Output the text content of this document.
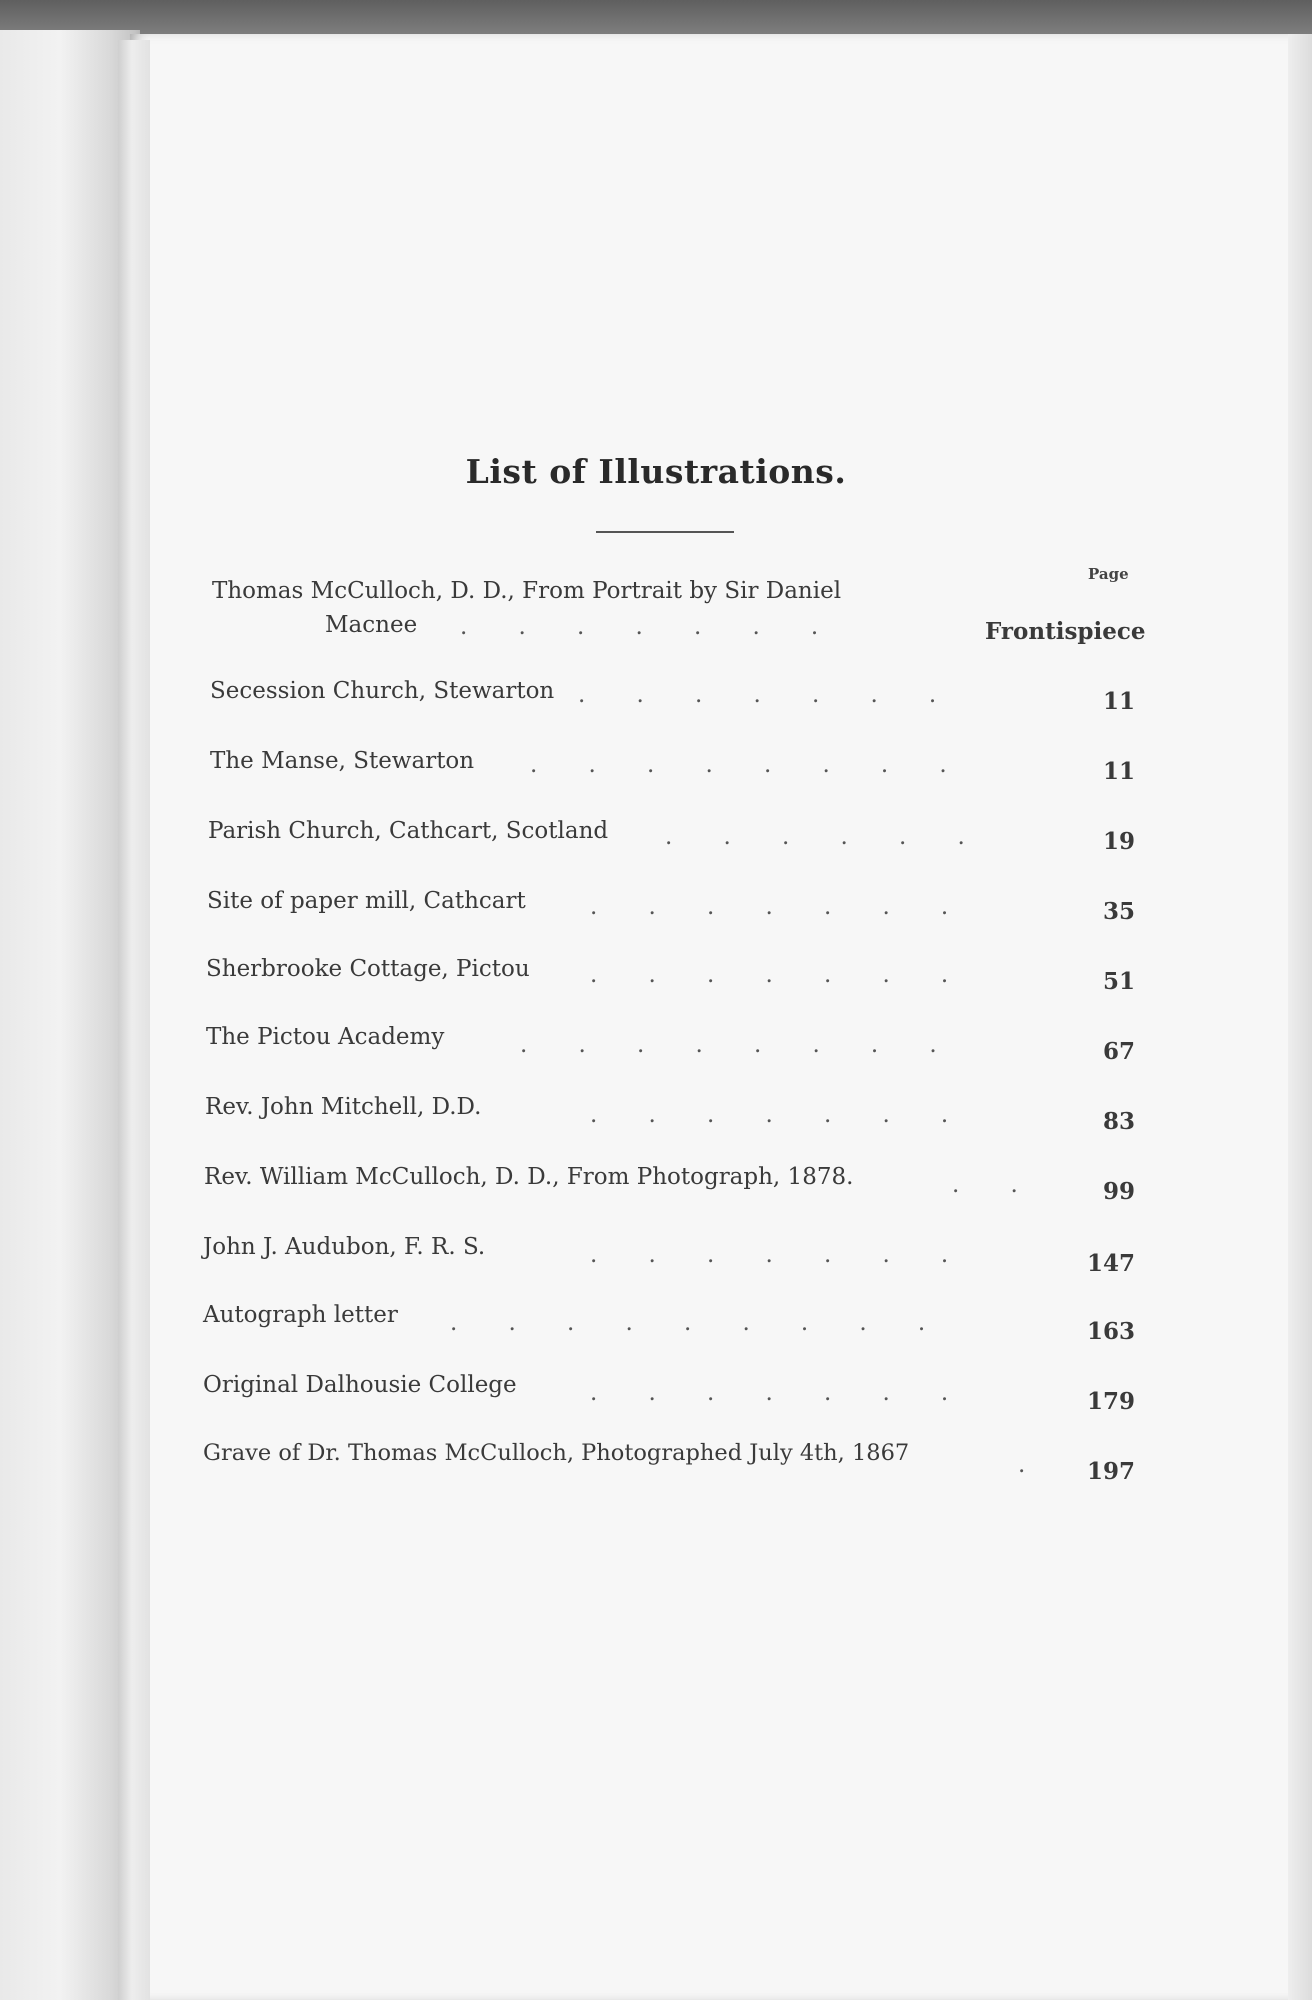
List of Illustrations.
Page
Thomas McCulloch, D. D., From Portrait by Sir Daniel
Macnee .       .       .       .       .       .       .	Frontispiece
Secession Church, Stewarton .       .       .       .       .       .       .	11
The Manse, Stewarton .       .       .       .       .       .       .       .	11
Parish Church, Cathcart, Scotland .       .       .       .       .       .	19
Site of paper mill, Cathcart	.       .       .       .       .       .       .	35
Sherbrooke Cottage, Pictou	.       .       .       .       .       .       .	51
The Pictou Academy	.       .       .       .       .       .       .       .	67
Rev. John Mitchell, D.D.	.       .       .       .       .       .       .	83
Rev. William McCulloch, D. D., From Photograph, 1878.	.       .	99
John J. Audubon, F. R. S.	.       .       .       .       .       .       .	147
Autograph letter .       .       .       .       .       .       .       .       .	163
Original Dalhousie College	.       .       .       .       .       .       .	179
Grave of Dr. Thomas McCulloch, Photographed July 4th, 1867	.	197
